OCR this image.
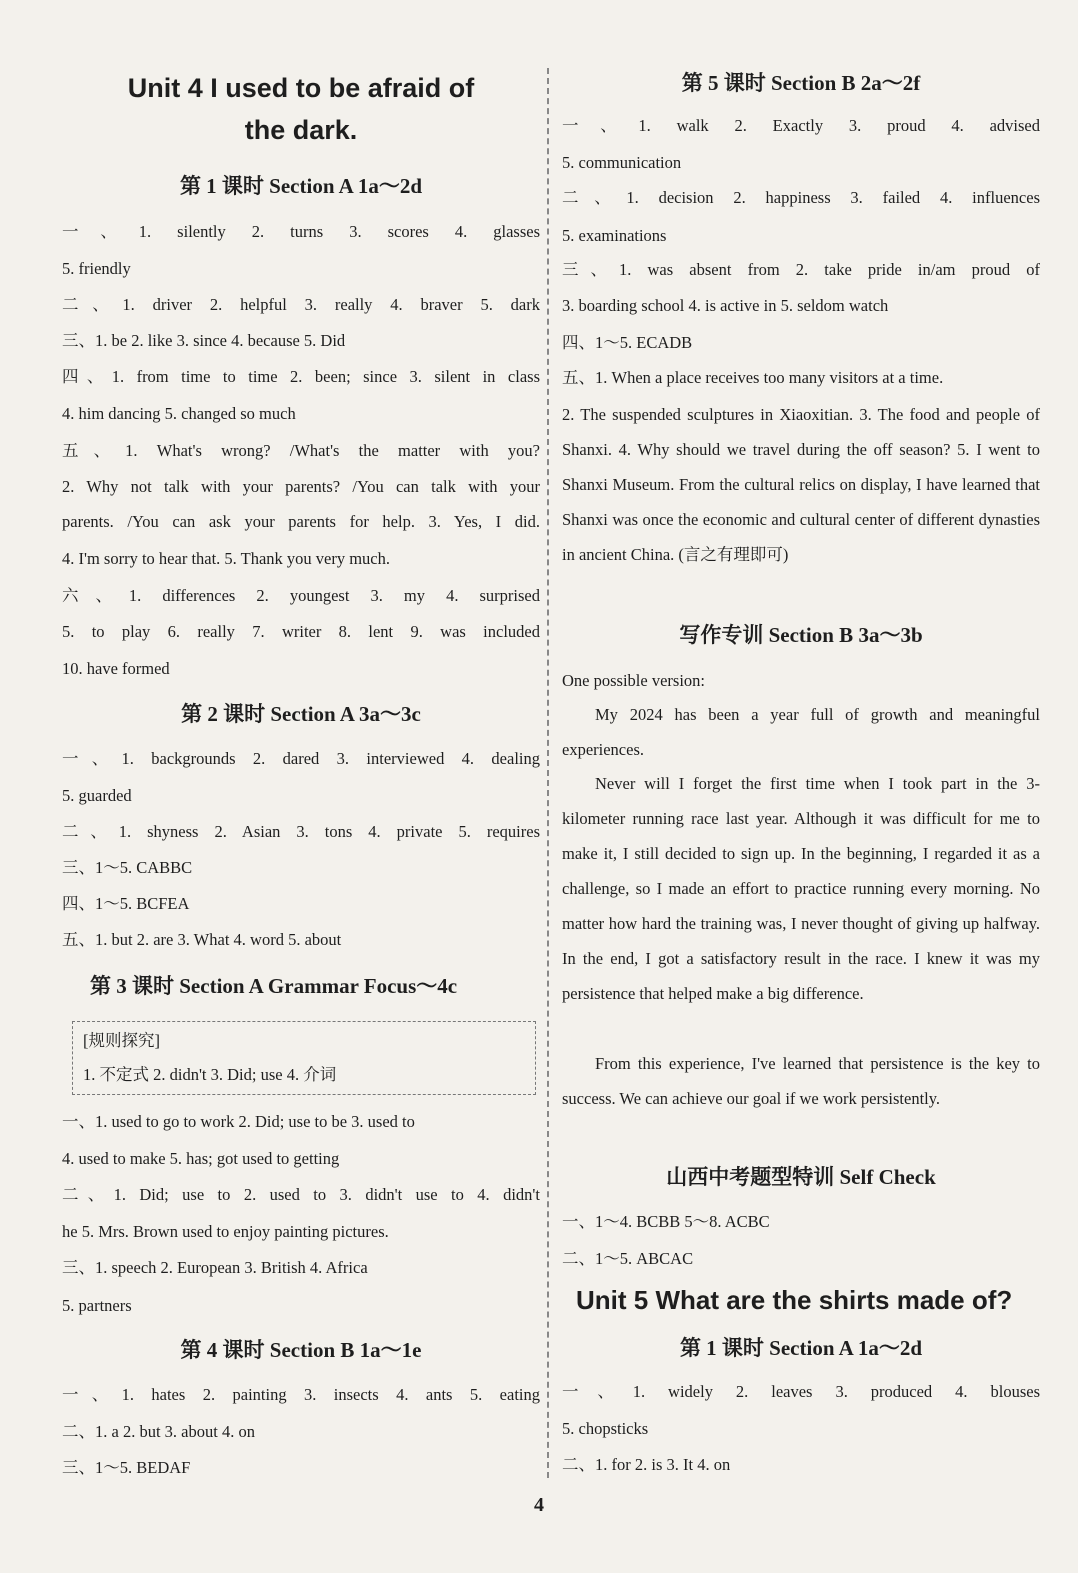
Unit 4 I used to be afraid of
the dark.
第 1 课时 Section A 1a～2d
一、1. silently 2. turns 3. scores 4. glasses
5. friendly
二、1. driver 2. helpful 3. really 4. braver 5. dark
三、1. be 2. like 3. since 4. because 5. Did
四、1. from time to time 2. been; since 3. silent in class
4. him dancing 5. changed so much
五、1. What's wrong? /What's the matter with you?
2. Why not talk with your parents? /You can talk with your
parents. /You can ask your parents for help. 3. Yes, I did.
4. I'm sorry to hear that. 5. Thank you very much.
六、1. differences 2. youngest 3. my 4. surprised
5. to play 6. really 7. writer 8. lent 9. was included
10. have formed
第 2 课时 Section A 3a～3c
一、1. backgrounds 2. dared 3. interviewed 4. dealing
5. guarded
二、1. shyness 2. Asian 3. tons 4. private 5. requires
三、1～5. CABBC
四、1～5. BCFEA
五、1. but 2. are 3. What 4. word 5. about
第 3 课时 Section A Grammar Focus～4c
[规则探究]
1. 不定式 2. didn't 3. Did; use 4. 介词
一、1. used to go to work 2. Did; use to be 3. used to
4. used to make 5. has; got used to getting
二、1. Did; use to 2. used to 3. didn't use to 4. didn't
he 5. Mrs. Brown used to enjoy painting pictures.
三、1. speech 2. European 3. British 4. Africa
5. partners
第 4 课时 Section B 1a～1e
一、1. hates 2. painting 3. insects 4. ants 5. eating
二、1. a 2. but 3. about 4. on
三、1～5. BEDAF
第 5 课时 Section B 2a～2f
一、1. walk 2. Exactly 3. proud 4. advised
5. communication
二、1. decision 2. happiness 3. failed 4. influences
5. examinations
三、1. was absent from 2. take pride in/am proud of
3. boarding school 4. is active in 5. seldom watch
四、1～5. ECADB
五、1. When a place receives too many visitors at a time.
2. The suspended sculptures in Xiaoxitian. 3. The food and people of Shanxi. 4. Why should we travel during the off season? 5. I went to Shanxi Museum. From the cultural relics on display, I have learned that Shanxi was once the economic and cultural center of different dynasties in ancient China. (言之有理即可)
写作专训 Section B 3a～3b
One possible version:
My 2024 has been a year full of growth and meaningful experiences.
Never will I forget the first time when I took part in the 3-kilometer running race last year. Although it was difficult for me to make it, I still decided to sign up. In the beginning, I regarded it as a challenge, so I made an effort to practice running every morning. No matter how hard the training was, I never thought of giving up halfway. In the end, I got a satisfactory result in the race. I knew it was my persistence that helped make a big difference.
From this experience, I've learned that persistence is the key to success. We can achieve our goal if we work persistently.
山西中考题型特训 Self Check
一、1～4. BCBB 5～8. ACBC
二、1～5. ABCAC
Unit 5 What are the shirts made of?
第 1 课时 Section A 1a～2d
一、1. widely 2. leaves 3. produced 4. blouses
5. chopsticks
二、1. for 2. is 3. It 4. on
4
